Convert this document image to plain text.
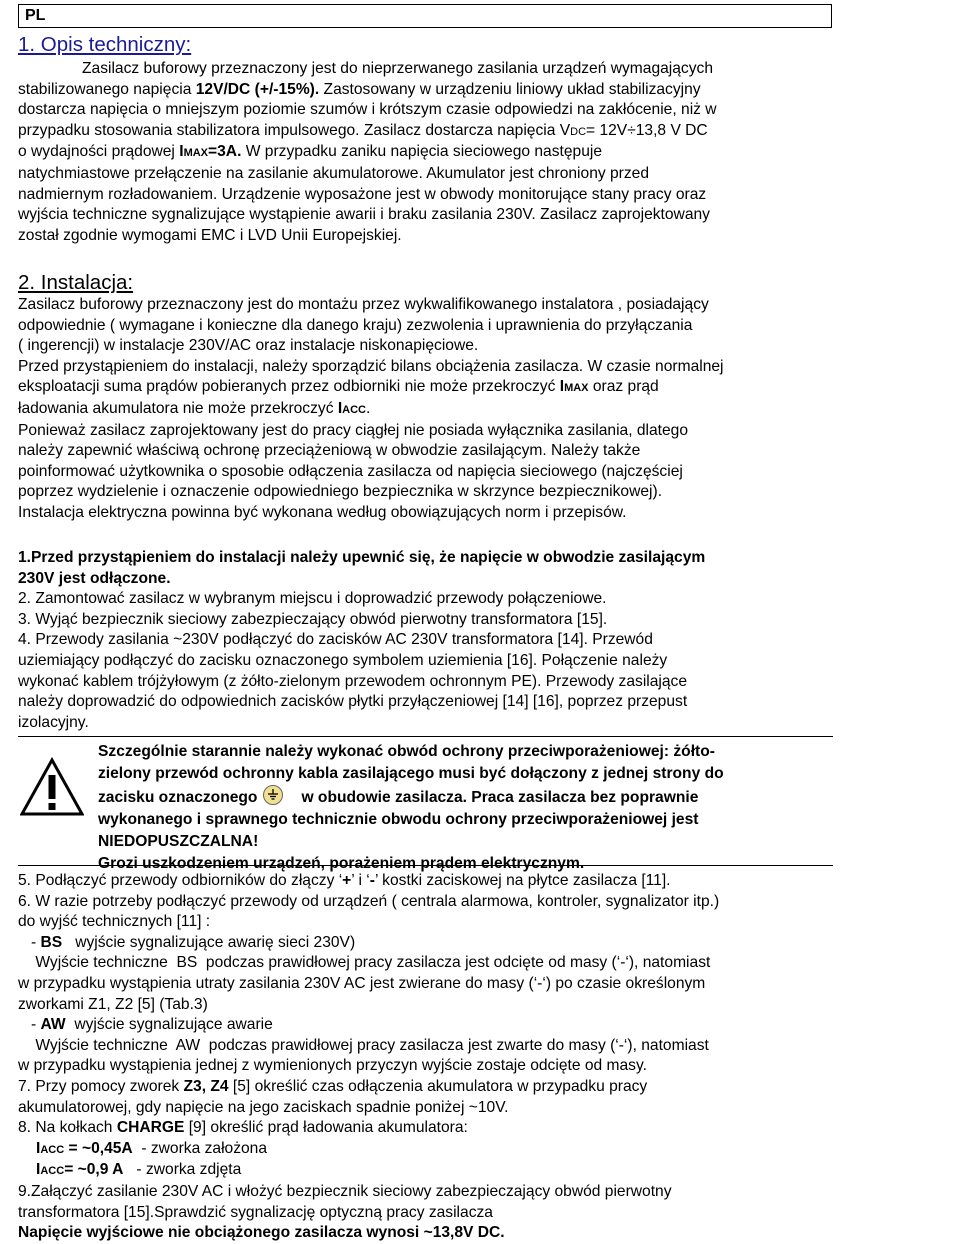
PL
1. Opis techniczny:

Zasilacz buforowy przeznaczony jest do nieprzerwanego zasilania urządzeń wymagających

stabilizowanego napięcia 12V/DC (+/-15%). Zastosowany w urządzeniu liniowy układ stabilizacyjny

dostarcza napięcia o mniejszym poziomie szumów i krótszym czasie odpowiedzi na zakłócenie, niż w

przypadku stosowania stabilizatora impulsowego. Zasilacz dostarcza napięcia VDC= 12V÷13,8 V DC

o wydajności prądowej IMAX=3A. W przypadku zaniku napięcia sieciowego następuje

natychmiastowe przełączenie na zasilanie akumulatorowe. Akumulator jest chroniony przed

nadmiernym rozładowaniem. Urządzenie wyposażone jest w obwody monitorujące stany pracy oraz

wyjścia techniczne sygnalizujące wystąpienie awarii i braku zasilania 230V. Zasilacz zaprojektowany

został zgodnie wymogami EMC i LVD Unii Europejskiej.

2. Instalacja:

Zasilacz buforowy przeznaczony jest do montażu przez wykwalifikowanego instalatora , posiadający

odpowiednie ( wymagane i konieczne dla danego kraju) zezwolenia i uprawnienia do przyłączania

( ingerencji) w instalacje 230V/AC oraz instalacje niskonapięciowe.

Przed przystąpieniem do instalacji, należy sporządzić bilans obciążenia zasilacza. W czasie normalnej

eksploatacji suma prądów pobieranych przez odbiorniki nie może przekroczyć IMAX oraz prąd

ładowania akumulatora nie może przekroczyć IACC.

Ponieważ zasilacz zaprojektowany jest do pracy ciągłej nie posiada wyłącznika zasilania, dlatego

należy zapewnić właściwą ochronę przeciążeniową w obwodzie zasilającym. Należy także

poinformować użytkownika o sposobie odłączenia zasilacza od napięcia sieciowego (najczęściej

poprzez wydzielenie i oznaczenie odpowiedniego bezpiecznika w skrzynce bezpiecznikowej).

Instalacja elektryczna powinna być wykonana według obowiązujących norm i przepisów.

1.Przed przystąpieniem do instalacji należy upewnić się, że napięcie w obwodzie zasilającym

230V jest odłączone.

2. Zamontować zasilacz w wybranym miejscu i doprowadzić przewody połączeniowe.

3. Wyjąć bezpiecznik sieciowy zabezpieczający obwód pierwotny transformatora [15].

4. Przewody zasilania ~230V podłączyć do zacisków AC 230V transformatora [14]. Przewód

uziemiający podłączyć do zacisku oznaczonego symbolem uziemienia [16]. Połączenie należy

wykonać kablem trójżyłowym (z żółto-zielonym przewodem ochronnym PE). Przewody zasilające

należy doprowadzić do odpowiednich zacisków płytki przyłączeniowej [14] [16], poprzez przepust

izolacyjny.

Szczególnie starannie należy wykonać obwód ochrony przeciwporażeniowej: żółto-

zielony przewód ochronny kabla zasilającego musi być dołączony z jednej strony do

zacisku oznaczonego	w obudowie zasilacza. Praca zasilacza bez poprawnie

wykonanego i sprawnego technicznie obwodu ochrony przeciwporażeniowej jest

NIEDOPUSZCZALNA!

Grozi uszkodzeniem urządzeń, porażeniem prądem elektrycznym.

5. Podłączyć przewody odbiorników do złączy ‘+’ i ‘-’ kostki zaciskowej na płytce zasilacza [11].

6. W razie potrzeby podłączyć przewody od urządzeń ( centrala alarmowa, kontroler, sygnalizator itp.)

do wyjść technicznych [11] :

- BS   wyjście sygnalizujące awarię sieci 230V)

Wyjście techniczne  BS  podczas prawidłowej pracy zasilacza jest odcięte od masy (‘-‘), natomiast

w przypadku wystąpienia utraty zasilania 230V AC jest zwierane do masy (‘-‘) po czasie określonym

zworkami Z1, Z2 [5] (Tab.3)

- AW  wyjście sygnalizujące awarie

Wyjście techniczne  AW  podczas prawidłowej pracy zasilacza jest zwarte do masy (‘-‘), natomiast

w przypadku wystąpienia jednej z wymienionych przyczyn wyjście zostaje odcięte od masy.

7. Przy pomocy zworek Z3, Z4 [5] określić czas odłączenia akumulatora w przypadku pracy

akumulatorowej, gdy napięcie na jego zaciskach spadnie poniżej ~10V.

8. Na kołkach CHARGE [9] określić prąd ładowania akumulatora:

IACC = ~0,45A  - zworka założona

IACC= ~0,9 A   - zworka zdjęta

9.Załączyć zasilanie 230V AC i włożyć bezpiecznik sieciowy zabezpieczający obwód pierwotny

transformatora [15].Sprawdzić sygnalizację optyczną pracy zasilacza

Napięcie wyjściowe nie obciążonego zasilacza wynosi ~13,8V DC.
